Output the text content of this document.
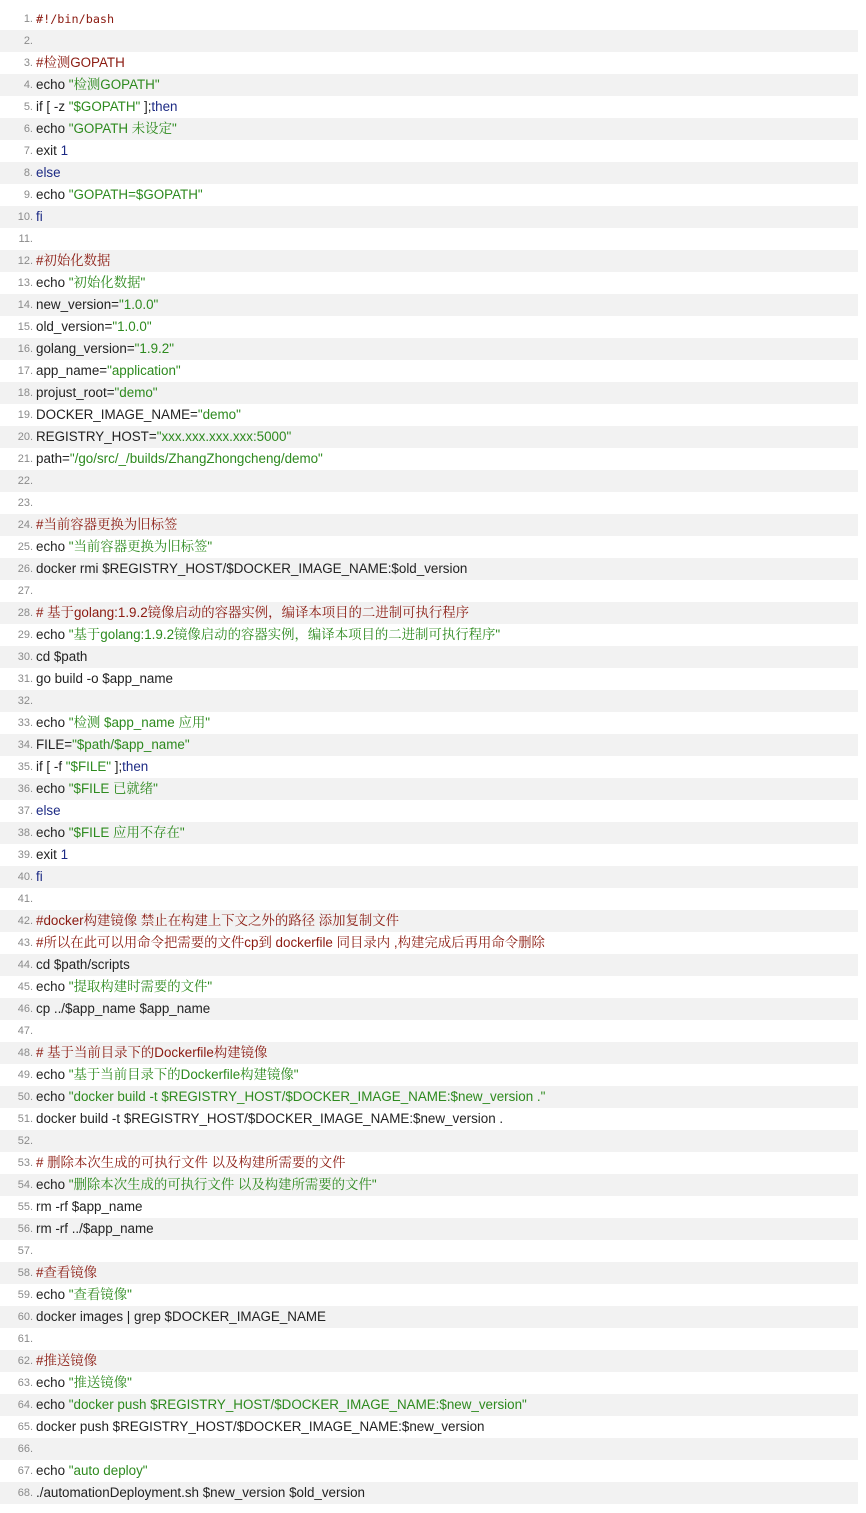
1. #!/bin/bash
2.
3. #检测GOPATH
4. echo "检测GOPATH"
5. if [ -z "$GOPATH" ];then
6. echo "GOPATH 未设定"
7. exit 1
8. else
9. echo "GOPATH=$GOPATH"
10. fi
11.
12. #初始化数据
13. echo "初始化数据"
14. new_version="1.0.0"
15. old_version="1.0.0"
16. golang_version="1.9.2"
17. app_name="application"
18. projust_root="demo"
19. DOCKER_IMAGE_NAME="demo"
20. REGISTRY_HOST="xxx.xxx.xxx.xxx:5000"
21. path="/go/src/_/builds/ZhangZhongcheng/demo"
22.
23.
24. #当前容器更换为旧标签
25. echo "当前容器更换为旧标签"
26. docker rmi $REGISTRY_HOST/$DOCKER_IMAGE_NAME:$old_version
27.
28. # 基于golang:1.9.2镜像启动的容器实例，编译本项目的二进制可执行程序
29. echo "基于golang:1.9.2镜像启动的容器实例，编译本项目的二进制可执行程序"
30. cd $path
31. go build -o $app_name
32.
33. echo "检测 $app_name 应用"
34. FILE="$path/$app_name"
35. if [ -f "$FILE" ];then
36. echo "$FILE 已就绪"
37. else
38. echo "$FILE 应用不存在"
39. exit 1
40. fi
41.
42. #docker构建镜像 禁止在构建上下文之外的路径 添加复制文件
43. #所以在此可以用命令把需要的文件cp到 dockerfile 同目录内 ,构建完成后再用命令删除
44. cd $path/scripts
45. echo "提取构建时需要的文件"
46. cp ../$app_name $app_name
47.
48. # 基于当前目录下的Dockerfile构建镜像
49. echo "基于当前目录下的Dockerfile构建镜像"
50. echo "docker build -t $REGISTRY_HOST/$DOCKER_IMAGE_NAME:$new_version ."
51. docker build -t $REGISTRY_HOST/$DOCKER_IMAGE_NAME:$new_version .
52.
53. # 删除本次生成的可执行文件 以及构建所需要的文件
54. echo "删除本次生成的可执行文件 以及构建所需要的文件"
55. rm -rf $app_name
56. rm -rf ../$app_name
57.
58. #查看镜像
59. echo "查看镜像"
60. docker images | grep $DOCKER_IMAGE_NAME
61.
62. #推送镜像
63. echo "推送镜像"
64. echo "docker push $REGISTRY_HOST/$DOCKER_IMAGE_NAME:$new_version"
65. docker push $REGISTRY_HOST/$DOCKER_IMAGE_NAME:$new_version
66.
67. echo "auto deploy"
68. ./automationDeployment.sh $new_version $old_version
